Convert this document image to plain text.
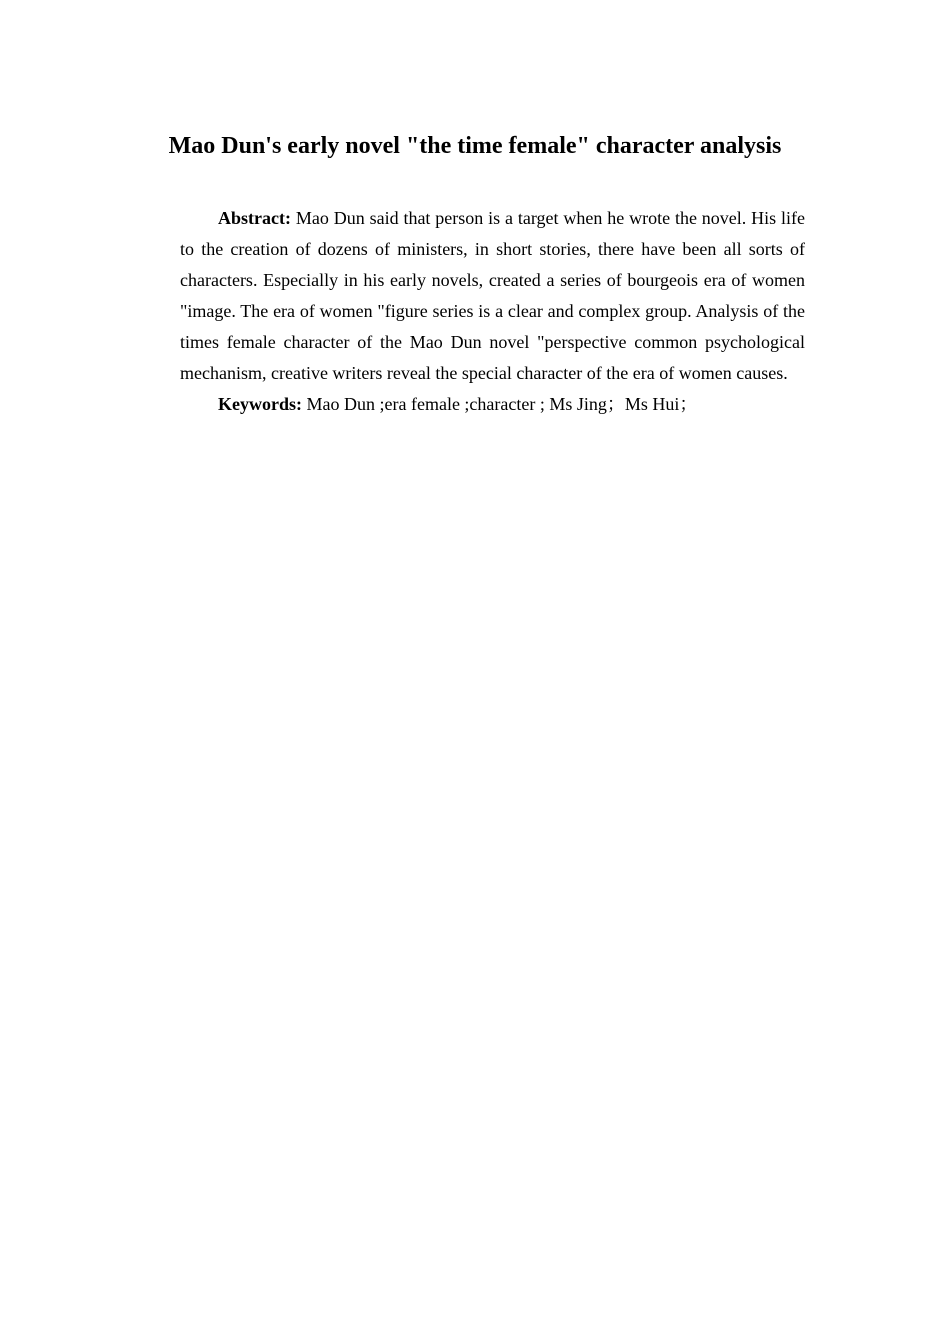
Mao Dun's early novel "the time female" character analysis

Abstract: Mao Dun said that person is a target when he wrote the novel. His life to the creation of dozens of ministers, in short stories, there have been all sorts of characters. Especially in his early novels, created a series of bourgeois era of women "image. The era of women "figure series is a clear and complex group. Analysis of the times female character of the Mao Dun novel "perspective common psychological mechanism, creative writers reveal the special character of the era of women causes.

Keywords: Mao Dun ;era female ;character ; Ms Jing；Ms Hui；
